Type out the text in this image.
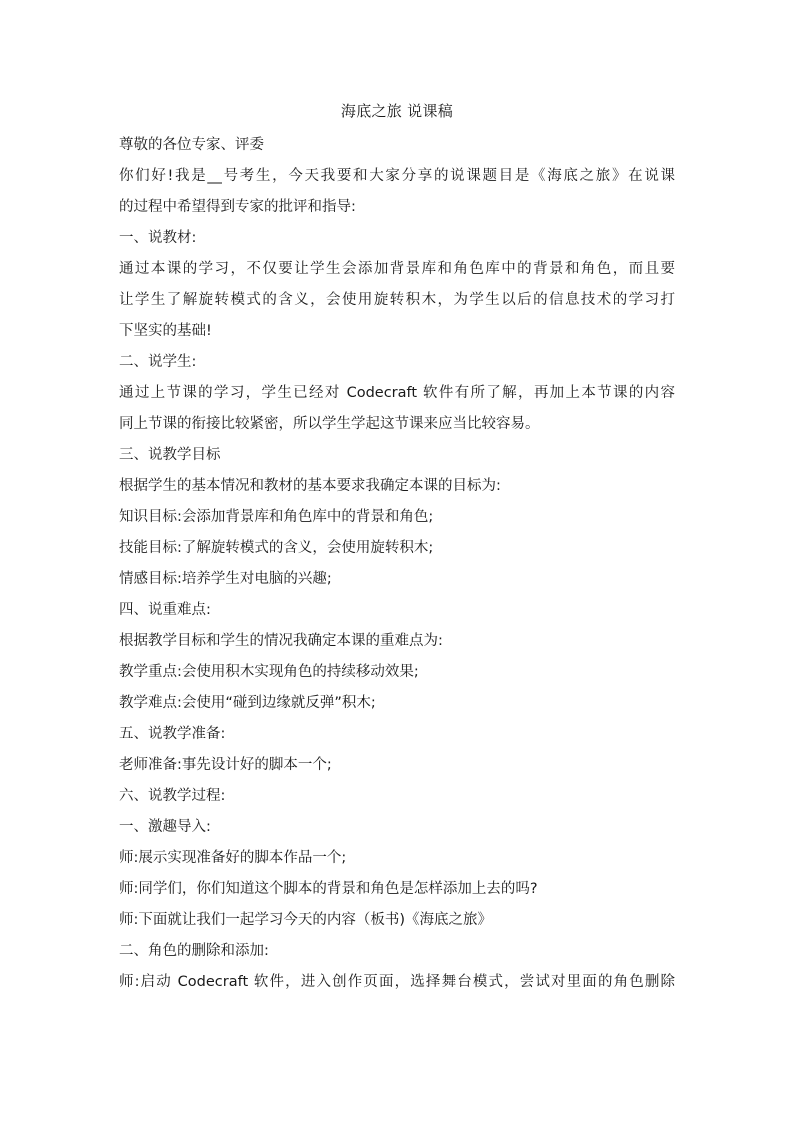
海底之旅 说课稿
尊敬的各位专家、评委
你们好!我是__号考生，今天我要和大家分享的说课题目是《海底之旅》在说课
的过程中希望得到专家的批评和指导:
一、说教材:
通过本课的学习，不仅要让学生会添加背景库和角色库中的背景和角色，而且要
让学生了解旋转模式的含义，会使用旋转积木，为学生以后的信息技术的学习打
下坚实的基础!
二、说学生:
通过上节课的学习，学生已经对 Codecraft 软件有所了解，再加上本节课的内容
同上节课的衔接比较紧密，所以学生学起这节课来应当比较容易。
三、说教学目标
根据学生的基本情况和教材的基本要求我确定本课的目标为:
知识目标:会添加背景库和角色库中的背景和角色;
技能目标:了解旋转模式的含义，会使用旋转积木;
情感目标:培养学生对电脑的兴趣;
四、说重难点:
根据教学目标和学生的情况我确定本课的重难点为:
教学重点:会使用积木实现角色的持续移动效果;
教学难点:会使用“碰到边缘就反弹”积木;
五、说教学准备:
老师准备:事先设计好的脚本一个;
六、说教学过程:
一、激趣导入:
师:展示实现准备好的脚本作品一个;
师:同学们，你们知道这个脚本的背景和角色是怎样添加上去的吗?
师:下面就让我们一起学习今天的内容（板书)《海底之旅》
二、角色的删除和添加:
师:启动 Codecraft 软件，进入创作页面，选择舞台模式，尝试对里面的角色删除
